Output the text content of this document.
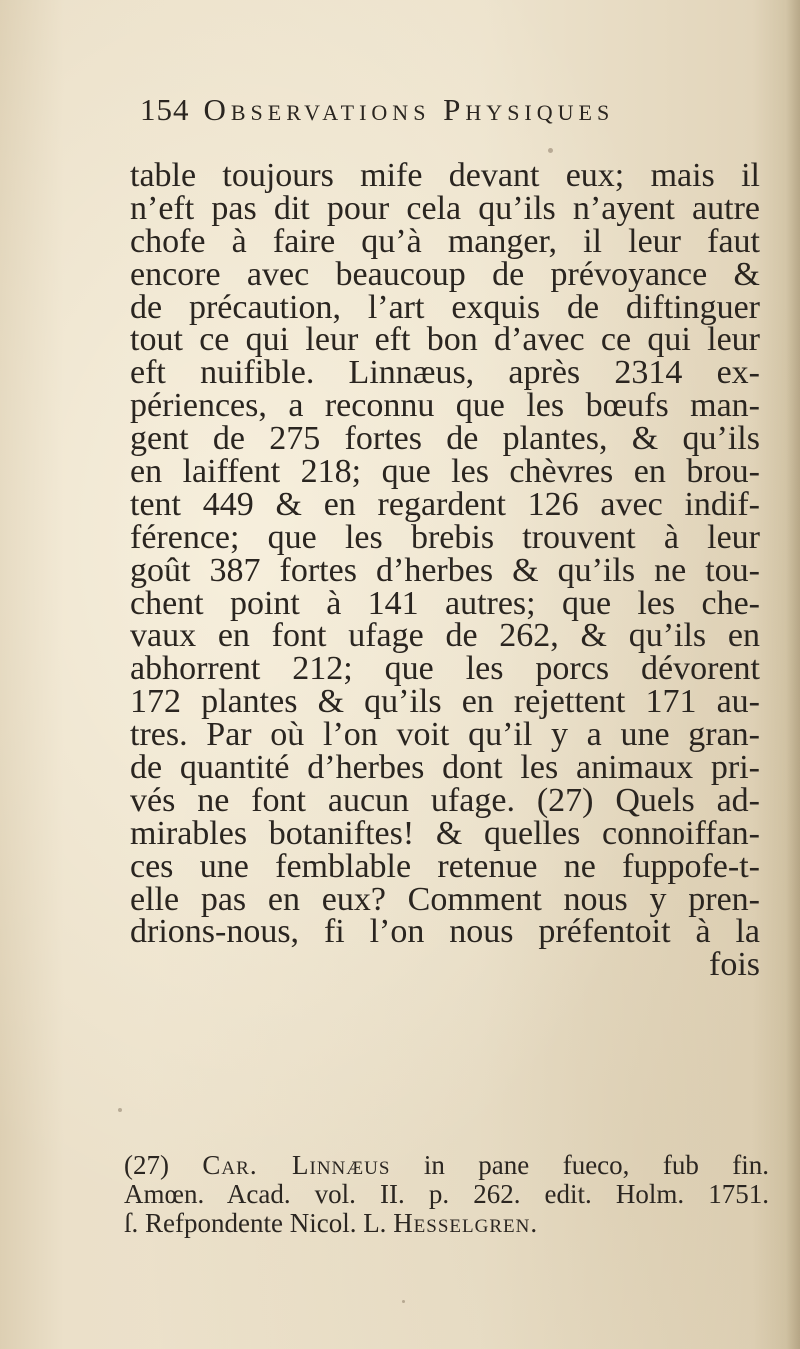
154 Observations Physiques
table toujours mife devant eux; mais il
n’eft pas dit pour cela qu’ils n’ayent autre
chofe à faire qu’à manger, il leur faut
encore avec beaucoup de prévoyance &
de précaution, l’art exquis de diftinguer
tout ce qui leur eft bon d’avec ce qui leur
eft nuifible. Linnæus, après 2314 ex-
périences, a reconnu que les bœufs man-
gent de 275 fortes de plantes, & qu’ils
en laiffent 218; que les chèvres en brou-
tent 449 & en regardent 126 avec indif-
férence; que les brebis trouvent à leur
goût 387 fortes d’herbes & qu’ils ne tou-
chent point à 141 autres; que les che-
vaux en font ufage de 262, & qu’ils en
abhorrent 212; que les porcs dévorent
172 plantes & qu’ils en rejettent 171 au-
tres. Par où l’on voit qu’il y a une gran-
de quantité d’herbes dont les animaux pri-
vés ne font aucun ufage. (27) Quels ad-
mirables botaniftes! & quelles connoiffan-
ces une femblable retenue ne fuppofe-t-
elle pas en eux? Comment nous y pren-
drions-nous, fi l’on nous préfentoit à la
fois
(27) Car. Linnæus in pane fueco, fub fin.
Amœn. Acad. vol. II. p. 262. edit. Holm. 1751.
ſ. Refpondente Nicol. L. Hesselgren.
